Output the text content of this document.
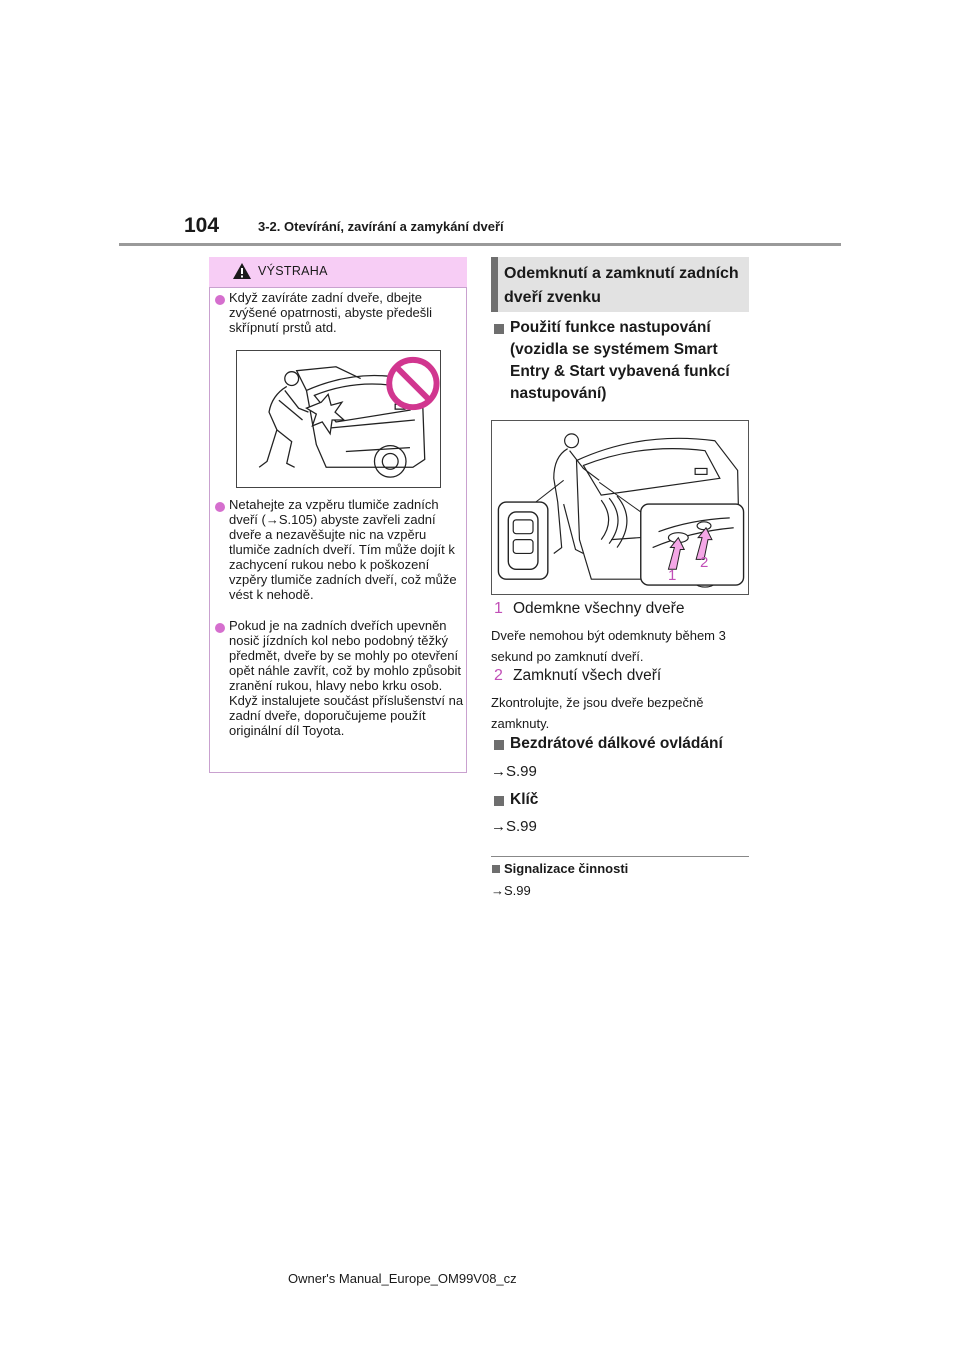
104	3-2. Otevírání, zavírání a zamykání dveří
VÝSTRAHA
Když zavíráte zadní dveře, dbejte zvýšené opatrnosti, abyste předešli skřípnutí prstů atd.
Netahejte za vzpěru tlumiče zadních dveří (→S.105) abyste zavřeli zadní dveře a nezavěšujte nic na vzpěru tlumiče zadních dveří. Tím může dojít k zachycení rukou nebo k poškození vzpěry tlumiče zadních dveří, což může vést k nehodě.
Pokud je na zadních dveřích upevněn nosič jízdních kol nebo podobný těžký předmět, dveře by se mohly po otevření opět náhle zavřít, což by mohlo způsobit zranění rukou, hlavy nebo krku osob. Když instalujete součást příslušenství na zadní dveře, doporučujeme použít originální díl Toyota.
Odemknutí a zamknutí zadních dveří zvenku
Použití funkce nastupování (vozidla se systémem Smart Entry & Start vybavená funkcí nastupování)
1
2
1 Odemkne všechny dveře
Dveře nemohou být odemknuty během 3 sekund po zamknutí dveří.
2 Zamknutí všech dveří
Zkontrolujte, že jsou dveře bezpečně zamknuty.
Bezdrátové dálkové ovládání
→S.99
Klíč
→S.99
Signalizace činnosti
→S.99
Owner's Manual_Europe_OM99V08_cz
